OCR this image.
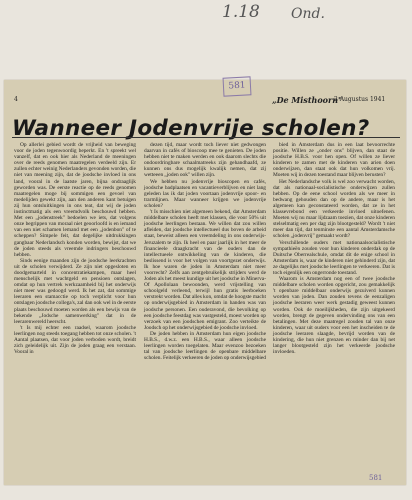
1.18 Ond.
581
4	„De Misthoorn"
2 Augustus 1941
Wanneer Jodenvrije scholen?

Op allerlei gebied wordt de vrijheid van beweging voor de joden tegenwoordig beperkt. En 't spreekt wel vanzelf, dat en ook hier als Nederland de meeningen over de reeds genomen maatregelen verdeeld zijn. Er zullen echter weinig Nederlanders gevonden worden, die niet van meening zijn, dat de joodsche invloed in ons land, vooral in de laatste jaren, bijna ondraaglijk geworden was. De eerste reactie op de reeds genomen maatregelen moge bij sommigen een gevoel van medelijden gewekt zijn, aan den anderen kant betuigen zij hun ontsluitkingen in ons teat, dat wij de joden instinctmatig als een vreemdvolk beschouwd hebben. Met een „jodenstreek" bedoelen we iets, dat volgens onze begrippen van moraal niet geoorloofd is en iemand van een niet schamen lemand met een „jodenbon" of te scheppen? Simpele feit, dat degelijke uitdrukkingen gangbaar Nederlandsch konden worden, bewijst, dat we de joden steeds als vreemde indringers beschouwd hebben.

Sinds eenige maanden zijn de joodsche leerkrachten uit de scholen verwijderd. Ze zijn niet opgesloten en doodgemarteld in concentratiekampen, maar heel menschelijk met wachtgeld en pensioen ontslagen, omdat op hun vertrek werkzaamheid bij het onderwijs niet meer was gedoogd werd. Ik het zat, dat sommige leeraren een stamacctie op toch verplicht voor hun ontslagen joodsche collega's, zal dan ook wel in de eerste plaats beschouwd moeten worden als een bewijs van de bekende „Jodsche samenwerking" dat in de leerarenwereld heerscht.

't Is mij echter een raadsel, waarom joodsche leerlingen nog steeds toegang hebben tot onze scholen. 't Aantal plaatsen, dat voor joden verboden wordt, breidt zich geleidelijk uit. Zijn de joden graag een verstaan. Vooral in

dezen tijd, maar wordt toch liever niet gedwongen daarvan in cafés of bioscoop mee te genieten. De joden hebben niet te maken werden en ook daarom slechts die ondoordringbare schaalmatreeks zijn gehandhaafd, ze kunnen ons dus mogelijk kwalijk nemen, dat zij wetteeen „joden ook" willen zijn.

We hebben nu jodenvrije bioscopen en cafés, joodsche badplaatsen en vacantieverblijven en niet lang geleden las ik dat joden voortaan jodenvrije spoor- en trarmlijnen. Maar wanneer krijgen we jodenvrije scholen?

't Is misschien niet algemeen bekend, dat Amsterdam middelbare scholen heeft met klassen, die voor 50% uit joodsche leerlingen bestaan. We willen dat zou willen afleiden, dat joodsche intellectueel dus boven de arbeid staat, beweist alleen een vreemdeling in ons onderwijs-Jeruzalem te zijn. Ik heel en paar jaarlijk in het meer de financieele draagkracht van de ouders dan de intellectueele ontwikkeling van de kinderen, die beslissend is voor het volgen van voortgezet onderwijs. Ik hoe waren de joden in Amsterdam niet meer voorrecht? Zelfs aan zentgebruikelijk strijders werd de Joden als het meest kundige uit het joodsche in Minerva-Of Apollolaan bewoonden, werd vrijstelling van schoolgeld verleend, terwijl hun gratis leerboeken verstrekt worden. Dat alles kon, omdat de hoogste macht op onderwijsgebied in Amsterdam in handen was van joodsche personen. Een ouderavond, die bevolking op een joodsche feestdag was vastgesteld, moest worden op verzoek van een joodschen emigrant. Zoo verteikte de Joodsch op het onderwijsgebied de joodsche invloed.

De joden hebben in Amsterdam hun eigen joodsche H.B.S., d.w.z. een H.B.S., waar alleen joodsche leerlingen worden toegelaten. Maar evenzoo bezoeken tal van joodsche leerlingen de openbare middelbare scholen. Feitelijk verkeeren de joden op onderwijsgebied

bied in Amsterdam dus in een laat bevoorrechte positie. Willen ze „onder ons" blijven, dan staat de joodsche H.B.S. voor hen open. Of willen ze liever kinderen te zamen met de kinderen van arien doen onderwijzen, dan staat ook dat hun volkomen vrij. Moeten wij in dezen toestand maar blijven berusten?

Het Nederlandsche volk is wel zoo verwacht worden, dat als nationaal-socialistische onderwijzen zullen hebben. Op de eene school worden als we meer in bedwang gehouden dan op de andere, maar is het algemeen kan geconstateerd worden, dat ze in het klassevrebond een verkeerde invloed uitoefenen. Moeten wij nu maar lijdzaam toezien, dat onze kinderen stelselmatig een per dag zijn blootgesteld? Wordt 't niet meer dan tijd, dat tenminste een aantal Amsterdamsche scholen „jodenvrij" gemaakt wordt?

Verschillende ouders met nationaalsocialistische sympathieën zouden voor hun kinderen onderdak op de Duitsche Oberrealschule, omdat dit de enige school in Amsterdam is, waar de kinderen niet gehinderd zijn, dat ze dagelijks met joodsche leerlingen te verkeeren. Dat is toch eigenlijk een ongerronde toestand.

Waarom is Amsterdam nog een of twee joodsche middelbare scholen worden opgericht, zou gemakkelijk 't openbare middelbaar onderwijs gezuiverd kunnen worden van joden. Dan zouden tevens de eenzaligen joodsche leeraren weer werk gestadig geweest kunnen worden. Ook de moeilijkheden, die zijn uitgekeerd worden, brengt de gegeven ondervinding ons van een betalingen. Met deze maatregel zouden tal van onze kinderen, waar uit ouders voor een het inscheiden te de joodsche leeraren slaagde, bevrijd worden van de kindering, die hun niet grenzen en minder dan bij net langer blootgesteld zijn het verkeerde joodsche invloeden.

581
